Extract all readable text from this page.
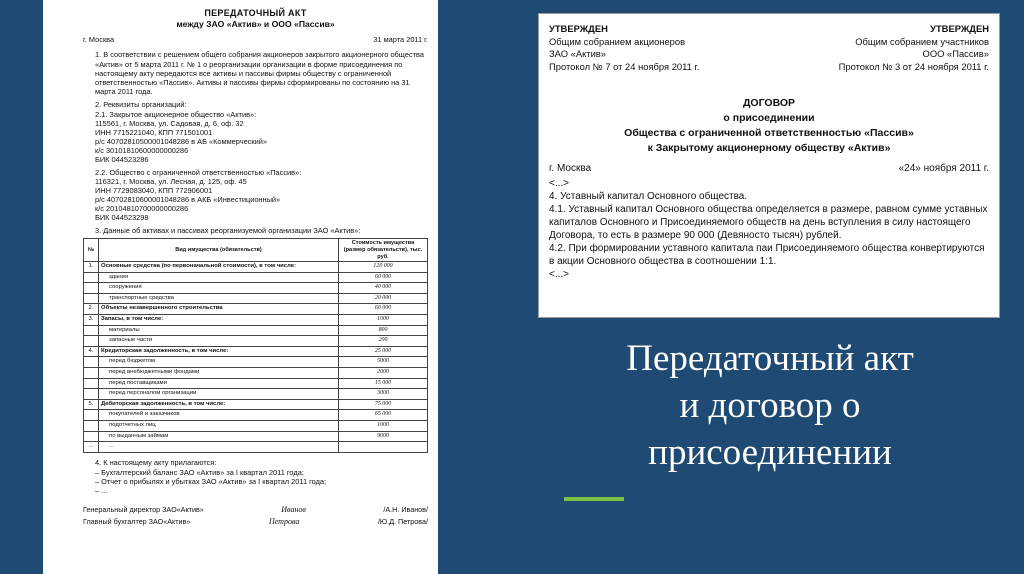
ПЕРЕДАТОЧНЫЙ АКТ
между ЗАО «Актив» и ООО «Пассив»
г. Москва	31 марта 2011 г.

1. В соответствии с решением общего собрания акционеров закрытого акционерного общества «Актив» от 5 марта 2011 г. № 1 о реорганизации организации в форме присоединения по настоящему акту передаются все активы и пассивы фирмы обществу с ограниченной ответственностью «Пассив». Активы и пассивы фирмы сформированы по состоянию на 31 марта 2011 года.

2. Реквизиты организаций:

2.1. Закрытое акционерное общество «Актив»:
115561, г. Москва, ул. Садовая, д. 6, оф. 32
ИНН 7715221040, КПП 771501001
р/с 40702810500001048286 в АБ «Коммерческий»
к/с 30101810600000000286
БИК 044523286
2.2. Общество с ограниченной ответственностью «Пассив»:
116321, г. Москва, ул. Лесная, д. 125, оф. 45
ИНН 7729083040, КПП 772906001
р/с 40702810600001048286 в АКБ «Инвестиционный»
к/с 20104810700000000286
БИК 044523298

3. Данные об активах и пассивах реорганизуемой организации ЗАО «Актив»:

№	Вид имущества (обязательств)	Стоимость имущества (размер обязательств), тыс. руб.
1.	Основные средства (по первоначальной стоимости), в том числе:	120 000
	здания	60 000
	сооружения	40 000
	транспортные средства	20 000
2.	Объекты незавершенного строительства	60 000
3.	Запасы, в том числе:	1000
	материалы	800
	запасные части	200
4.	Кредиторская задолженность, в том числе:	25 000
	перед бюджетом	5000
	перед внебюджетными фондами	2000
	перед поставщиками	15 000
	перед персоналом организации	3000
5.	Дебиторская задолженность, в том числе:	75 000
	покупателей и заказчиков	65 000
	подотчетных лиц	1000
	по выданным займам	9000
...	...	

4. К настоящему акту прилагаются:

– Бухгалтерский баланс ЗАО «Актив» за I квартал 2011 года;
– Отчет о прибылях и убытках ЗАО «Актив» за I квартал 2011 года;
– ...
Генеральный директор ЗАО«Актив»	Иванов	/А.Н. Иванов/
Главный бухгалтер ЗАО«Актив»	Петрова	/Ю.Д. Петрова/
УТВЕРЖДЕН
Общим собранием акционеров
ЗАО «Актив»
Протокол № 7 от 24 ноября 2011 г.
УТВЕРЖДЕН
Общим собранием участников
ООО «Пассив»
Протокол № 3 от 24 ноября 2011 г.
ДОГОВОР
о присоединении
Общества с ограниченной ответственностью «Пассив»
к Закрытому акционерному обществу «Актив»
г. Москва	«24» ноября 2011 г.
<...>
4. Уставный капитал Основного общества.
4.1. Уставный капитал Основного общества определяется в размере, равном сумме уставных капиталов Основного и Присоединяемого обществ на день вступления в силу настоящего Договора, то есть в размере 90 000 (Девяносто тысяч) рублей.
4.2. При формировании уставного капитала паи Присоединяемого общества конвертируются в акции Основного общества в соотношении 1:1.
<...>
Передаточный акт
и договор о
присоединении
